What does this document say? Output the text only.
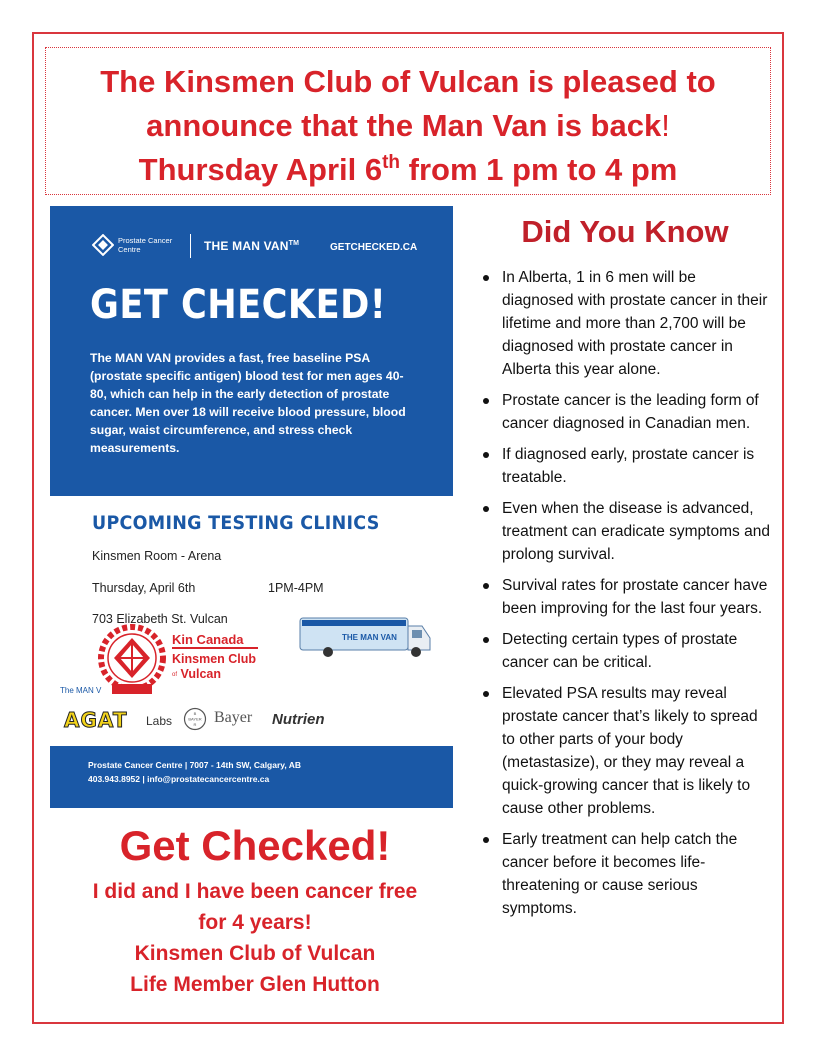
The Kinsmen Club of Vulcan is pleased to
announce that the Man Van is back!
Thursday April 6th from 1 pm to 4 pm
Prostate Cancer Centre	THE MAN VAN™	GETCHECKED.CA
GET CHECKED!
The MAN VAN provides a fast, free baseline PSA (prostate specific antigen) blood test for men ages 40-80, which can help in the early detection of prostate cancer. Men over 18 will receive blood pressure, blood sugar, waist circumference, and stress check measurements.
UPCOMING TESTING CLINICS
Kinsmen Room - Arena
Thursday, April 6th	1PM-4PM
703 Elizabeth St. Vulcan
Kin Canada
Kinsmen Club
of Vulcan
The MAN V
THE MAN VAN
AGAT Labs
B
BAYER
R Bayer Nutrien
Prostate Cancer Centre | 7007 - 14th SW, Calgary, AB
403.943.8952 | info@prostatecancercentre.ca
Get Checked!
I did and I have been cancer free
for 4 years!
Kinsmen Club of Vulcan
Life Member Glen Hutton
Did You Know
In Alberta, 1 in 6 men will be diagnosed with prostate cancer in their lifetime and more than 2,700 will be diagnosed with prostate cancer in Alberta this year alone.
Prostate cancer is the leading form of cancer diagnosed in Canadian men.
If diagnosed early, prostate cancer is treatable.
Even when the disease is advanced, treatment can eradicate symptoms and prolong survival.
Survival rates for prostate cancer have been improving for the last four years.
Detecting certain types of prostate cancer can be critical.
Elevated PSA results may reveal prostate cancer that’s likely to spread to other parts of your body (metastasize), or they may reveal a quick-growing cancer that is likely to cause other problems.
Early treatment can help catch the cancer before it becomes life-threatening or cause serious symptoms.
